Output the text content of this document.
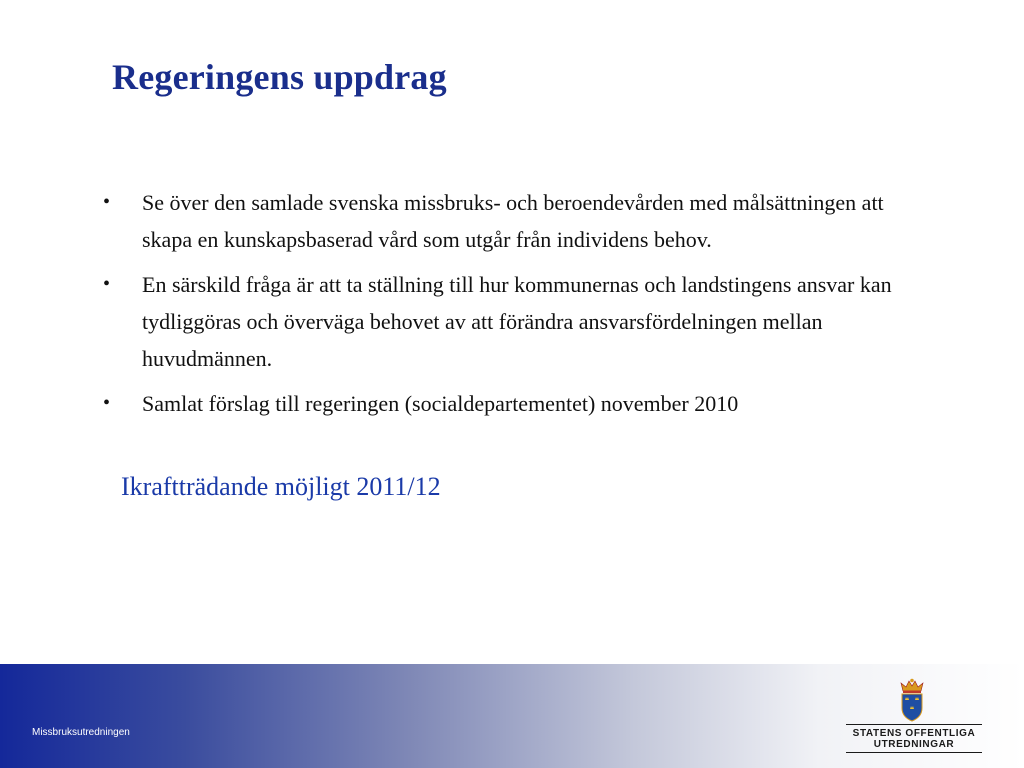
Regeringens uppdrag
• Se över den samlade svenska missbruks- och beroendevården med målsättningen att skapa en kunskapsbaserad vård som utgår från individens behov.
• En särskild fråga är att ta ställning till hur kommunernas och landstingens ansvar kan tydliggöras och överväga behovet av att förändra ansvarsfördelningen mellan huvudmännen.
• Samlat förslag till regeringen (socialdepartementet) november 2010

Ikraftträdande möjligt 2011/12

Missbruksutredningen	STATENS OFFENTLIGA
UTREDNINGAR
